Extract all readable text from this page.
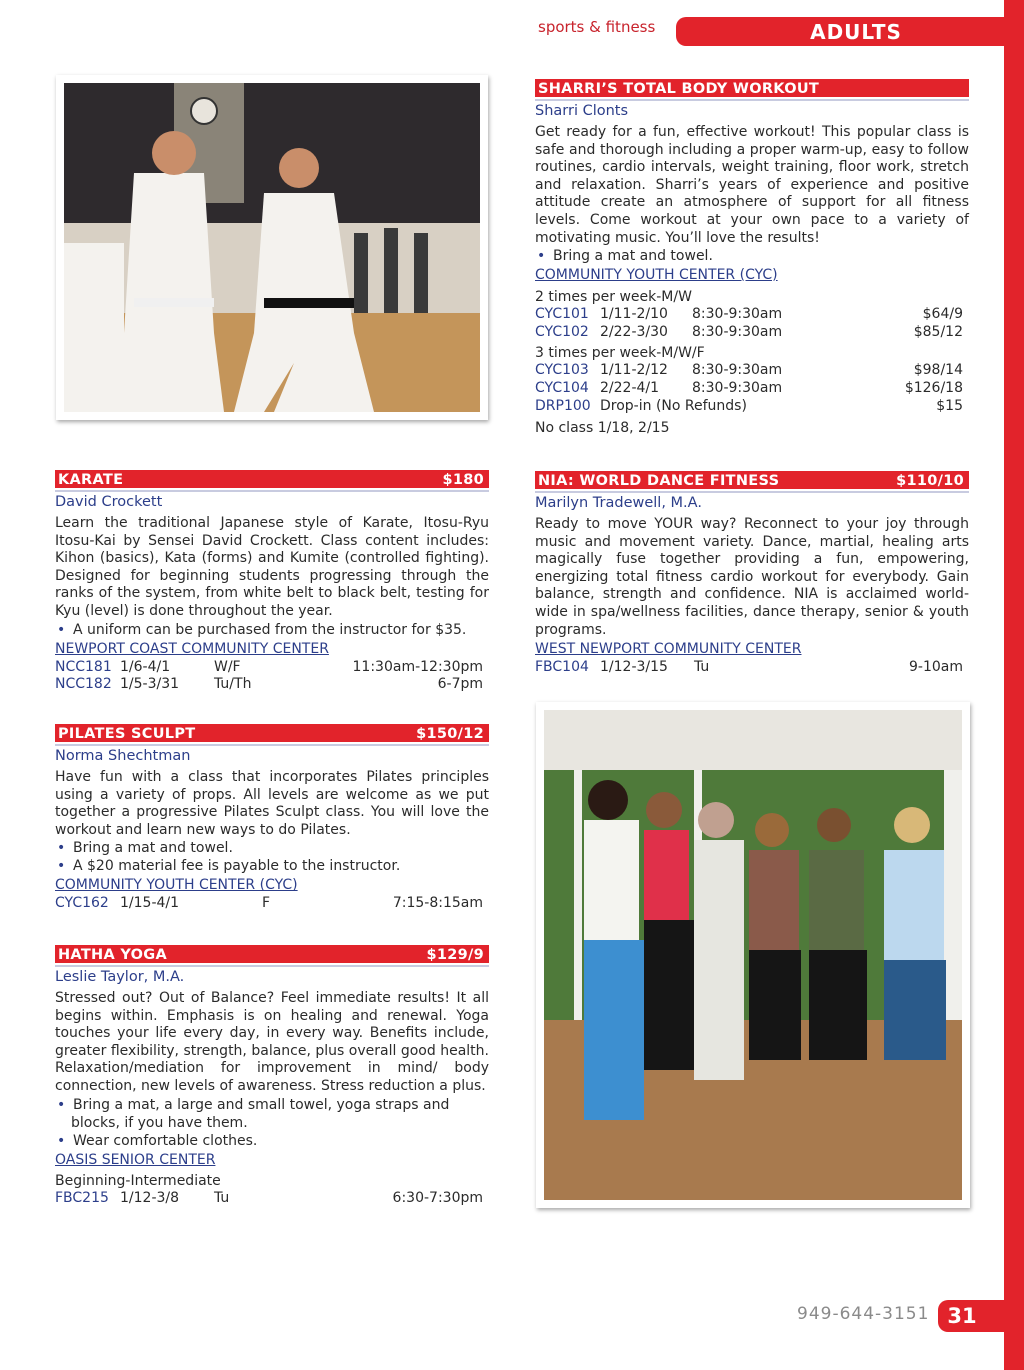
sports & fitness	ADULTS
SHARRI’S TOTAL BODY WORKOUT
Sharri Clonts

Get ready for a fun, effective workout! This popular class is safe and thorough including a proper warm-up, easy to follow routines, cardio intervals, weight training, floor work, stretch and relaxation. Sharri’s years of experience and positive attitude create an atmosphere of support for all fitness levels. Come workout at your own pace to a variety of motivating music. You’ll love the results!

• Bring a mat and towel.
COMMUNITY YOUTH CENTER (CYC)
2 times per week-M/W
CYC101 1/11-2/10	8:30-9:30am	$64/9
CYC102 2/22-3/30	8:30-9:30am	$85/12
3 times per week-M/W/F
CYC103 1/11-2/12	8:30-9:30am	$98/14
CYC104 2/22-4/1	8:30-9:30am	$126/18
DRP100 Drop-in (No Refunds)	$15
No class 1/18, 2/15
KARATE	$180
David Crockett

Learn the traditional Japanese style of Karate, Itosu-Ryu Itosu-Kai by Sensei David Crockett. Class content includes: Kihon (basics), Kata (forms) and Kumite (controlled fighting). Designed for beginning students progressing through the ranks of the system, from white belt to black belt, testing for Kyu (level) is done throughout the year.

• A uniform can be purchased from the instructor for $35.
NEWPORT COAST COMMUNITY CENTER
NCC181 1/6-4/1	W/F	11:30am-12:30pm
NCC182 1/5-3/31	Tu/Th	6-7pm
NIA: WORLD DANCE FITNESS	$110/10
Marilyn Tradewell, M.A.

Ready to move YOUR way? Reconnect to your joy through music and movement variety. Dance, martial, healing arts magically fuse together providing a fun, empowering, energizing total fitness cardio workout for everybody. Gain balance, strength and confidence. NIA is acclaimed world-wide in spa/wellness facilities, dance therapy, senior & youth programs.

WEST NEWPORT COMMUNITY CENTER
FBC104 1/12-3/15	Tu	9-10am
PILATES SCULPT	$150/12
Norma Shechtman

Have fun with a class that incorporates Pilates principles using a variety of props. All levels are welcome as we put together a progressive Pilates Sculpt class. You will love the workout and learn new ways to do Pilates.

• Bring a mat and towel.
• A $20 material fee is payable to the instructor.
COMMUNITY YOUTH CENTER (CYC)
CYC162 1/15-4/1	F	7:15-8:15am
HATHA YOGA	$129/9
Leslie Taylor, M.A.

Stressed out? Out of Balance? Feel immediate results! It all begins within. Emphasis is on healing and renewal. Yoga touches your life every day, in every way. Benefits include, greater flexibility, strength, balance, plus overall good health. Relaxation/mediation for improvement in mind/ body connection, new levels of awareness. Stress reduction a plus.

• Bring a mat, a large and small towel, yoga straps and blocks, if you have them.
• Wear comfortable clothes.
OASIS SENIOR CENTER
Beginning-Intermediate
FBC215 1/12-3/8	Tu	6:30-7:30pm
949-644-3151 31
